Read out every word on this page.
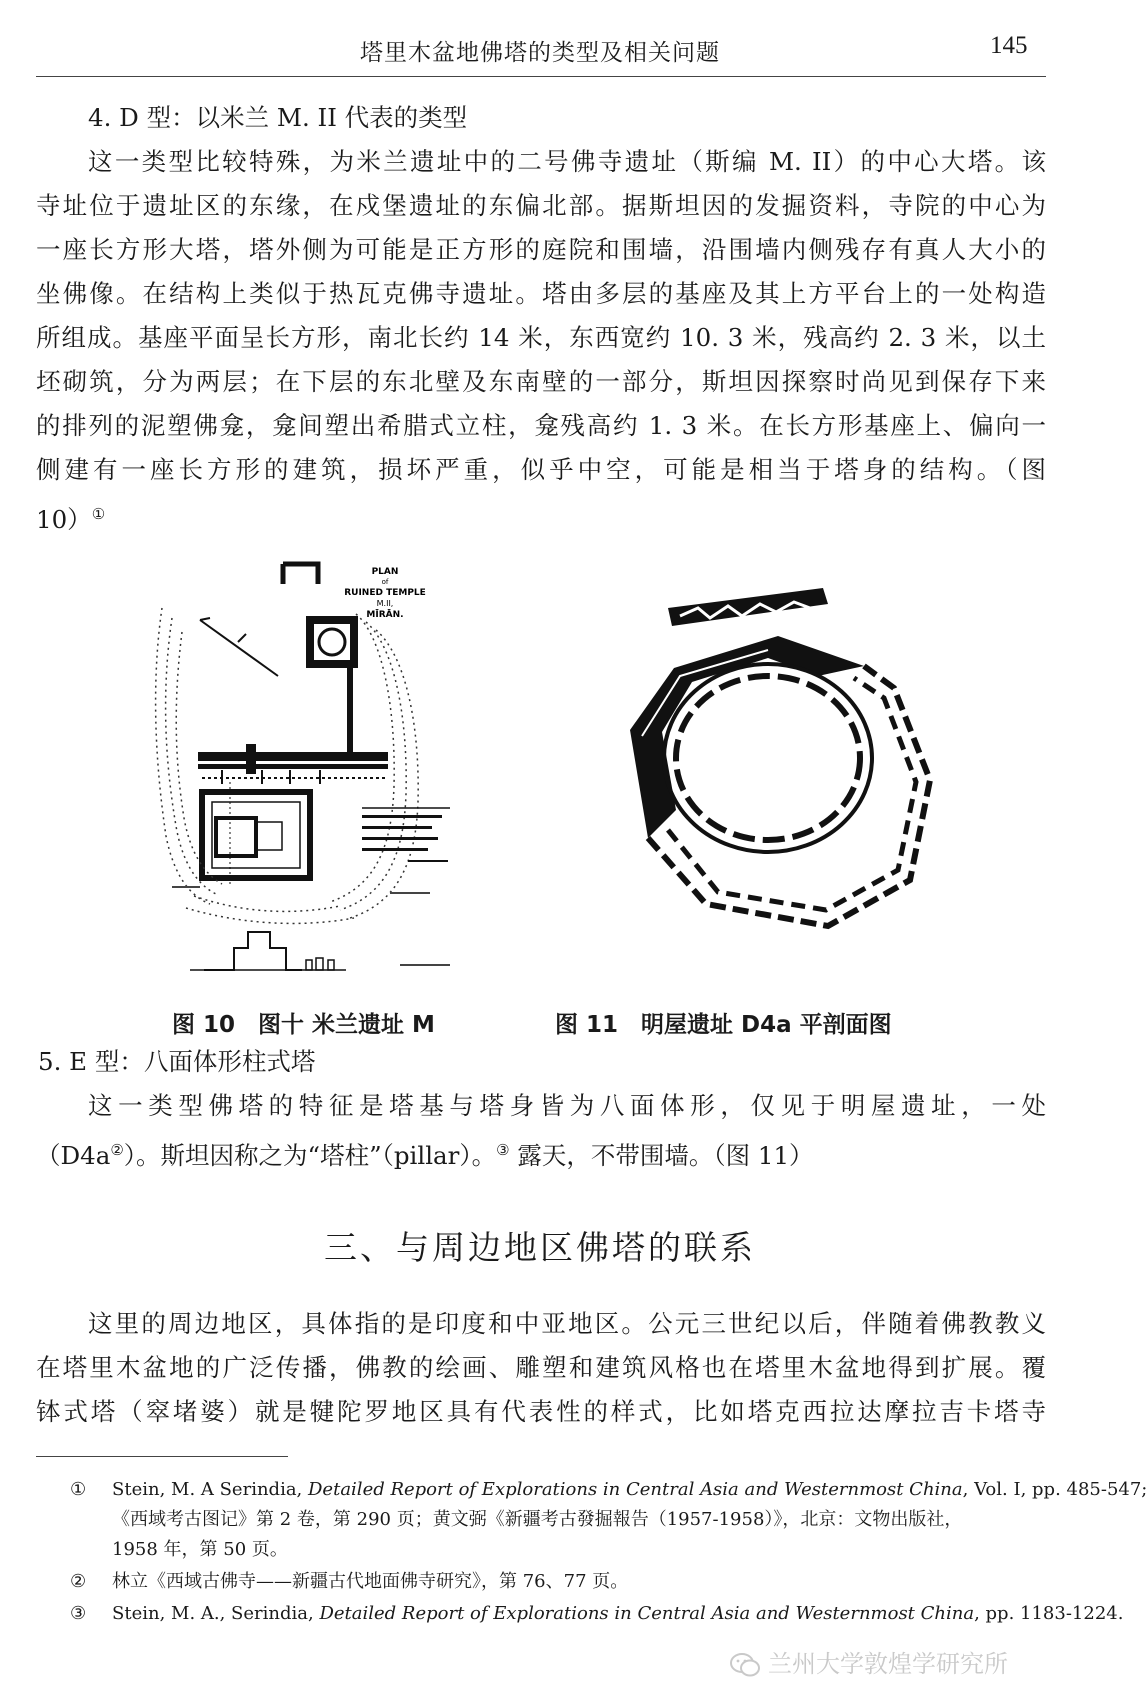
塔里木盆地佛塔的类型及相关问题	145
4. D 型：以米兰 M. II 代表的类型
这一类型比较特殊，为米兰遗址中的二号佛寺遗址（斯编 M. II）的中心大塔。该
寺址位于遗址区的东缘，在戍堡遗址的东偏北部。据斯坦因的发掘资料，寺院的中心为
一座长方形大塔，塔外侧为可能是正方形的庭院和围墙，沿围墙内侧残存有真人大小的
坐佛像。在结构上类似于热瓦克佛寺遗址。塔由多层的基座及其上方平台上的一处构造
所组成。基座平面呈长方形，南北长约 14 米，东西宽约 10. 3 米，残高约 2. 3 米，以土
坯砌筑，分为两层；在下层的东北壁及东南壁的一部分，斯坦因探察时尚见到保存下来
的排列的泥塑佛龛，龛间塑出希腊式立柱，龛残高约 1. 3 米。在长方形基座上、偏向一
侧建有一座长方形的建筑，损坏严重，似乎中空，可能是相当于塔身的结构。（图
10）①
PLAN
of
RUINED TEMPLE
M.II,
MĪRĀN.
图 10　图十 米兰遗址 M	图 11　明屋遗址 D4a 平剖面图
5. E 型：八面体形柱式塔
这一类型佛塔的特征是塔基与塔身皆为八面体形，仅见于明屋遗址，一处
（D4a②）。斯坦因称之为“塔柱”（pillar）。③ 露天，不带围墙。（图 11）
三、与周边地区佛塔的联系
这里的周边地区，具体指的是印度和中亚地区。公元三世纪以后，伴随着佛教教义
在塔里木盆地的广泛传播，佛教的绘画、雕塑和建筑风格也在塔里木盆地得到扩展。覆
钵式塔（窣堵婆）就是犍陀罗地区具有代表性的样式，比如塔克西拉达摩拉吉卡塔寺
① Stein, M. A Serindia, Detailed Report of Explorations in Central Asia and Westernmost China, Vol. I, pp. 485-547;
《西域考古图记》第 2 卷，第 290 页；黄文弼《新疆考古發掘報告（1957-1958）》，北京：文物出版社，
1958 年，第 50 页。
② 林立《西域古佛寺——新疆古代地面佛寺研究》，第 76、77 页。
③ Stein, M. A., Serindia, Detailed Report of Explorations in Central Asia and Westernmost China, pp. 1183-1224.
兰州大学敦煌学研究所
